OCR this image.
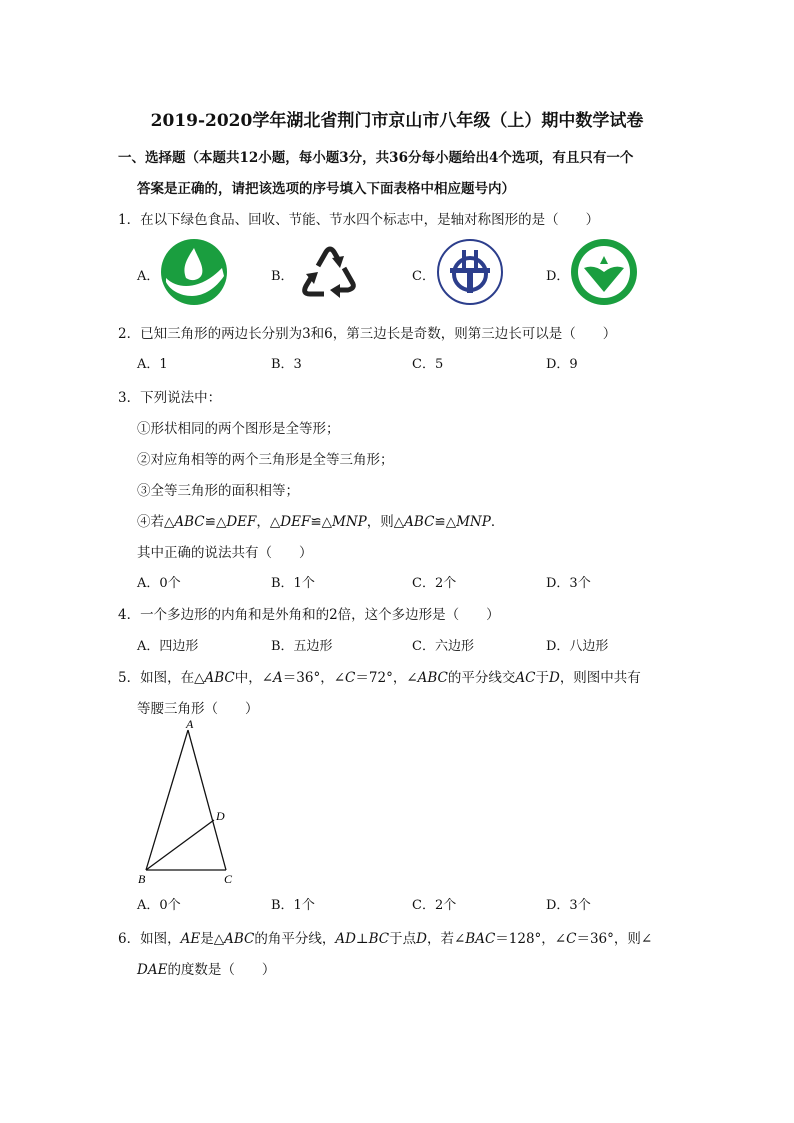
2019-2020学年湖北省荆门市京山市八年级（上）期中数学试卷
一、选择题（本题共12小题，每小题3分，共36分每小题给出4个选项，有且只有一个
答案是正确的，请把该选项的序号填入下面表格中相应题号内）
1．在以下绿色食品、回收、节能、节水四个标志中，是轴对称图形的是（　　）
A．	B．	C．	D．
2．已知三角形的两边长分别为3和6，第三边长是奇数，则第三边长可以是（　　）
A．1	B．3	C．5	D．9
3．下列说法中：
①形状相同的两个图形是全等形；
②对应角相等的两个三角形是全等三角形；
③全等三角形的面积相等；
④若△ABC≌△DEF，△DEF≌△MNP，则△ABC≌△MNP．
其中正确的说法共有（　　）
A．0个	B．1个	C．2个	D．3个
4．一个多边形的内角和是外角和的2倍，这个多边形是（　　）
A．四边形	B．五边形	C．六边形	D．八边形
5．如图，在△ABC中，∠A＝36°，∠C＝72°，∠ABC的平分线交AC于D，则图中共有
等腰三角形（　　）
A
B	C
D
A．0个	B．1个	C．2个	D．3个
6．如图，AE是△ABC的角平分线，AD⊥BC于点D，若∠BAC＝128°，∠C＝36°，则∠
DAE的度数是（　　）
